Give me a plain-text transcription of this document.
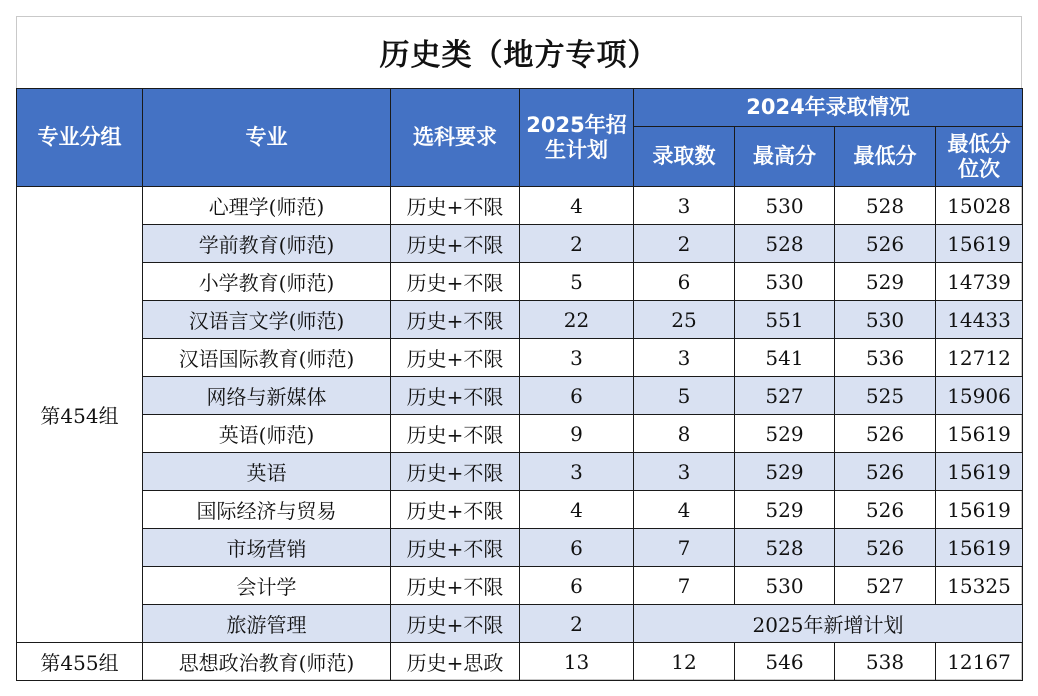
历史类（地方专项）
专业分组	专业	选科要求	2025年招生计划	2024年录取情况			
				录取数	最高分	最低分	最低分位次
第454组	心理学(师范)	历史+不限	4	3	530	528	15028
	学前教育(师范)	历史+不限	2	2	528	526	15619
	小学教育(师范)	历史+不限	5	6	530	529	14739
	汉语言文学(师范)	历史+不限	22	25	551	530	14433
	汉语国际教育(师范)	历史+不限	3	3	541	536	12712
	网络与新媒体	历史+不限	6	5	527	525	15906
	英语(师范)	历史+不限	9	8	529	526	15619
	英语	历史+不限	3	3	529	526	15619
	国际经济与贸易	历史+不限	4	4	529	526	15619
	市场营销	历史+不限	6	7	528	526	15619
	会计学	历史+不限	6	7	530	527	15325
	旅游管理	历史+不限	2	2025年新增计划			
第455组	思想政治教育(师范)	历史+思政	13	12	546	538	12167
